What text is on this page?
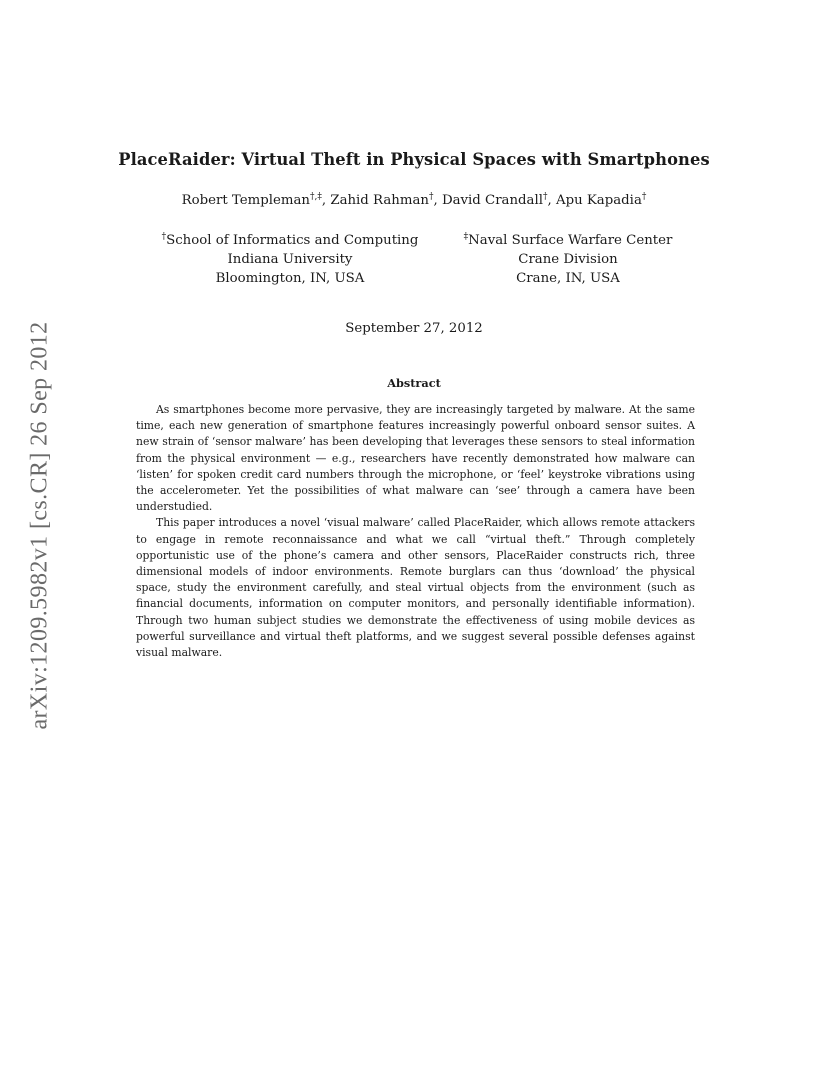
arXiv:1209.5982v1 [cs.CR] 26 Sep 2012
PlaceRaider: Virtual Theft in Physical Spaces with Smartphones
Robert Templeman†,‡, Zahid Rahman†, David Crandall†, Apu Kapadia†
†School of Informatics and Computing
Indiana University
Bloomington, IN, USA
‡Naval Surface Warfare Center
Crane Division
Crane, IN, USA
September 27, 2012
Abstract

As smartphones become more pervasive, they are increasingly targeted by malware. At the same time, each new generation of smartphone features increasingly powerful onboard sensor suites. A new strain of ‘sensor malware’ has been developing that leverages these sensors to steal information from the physical environment — e.g., researchers have recently demonstrated how malware can ‘listen’ for spoken credit card numbers through the microphone, or ‘feel’ keystroke vibrations using the accelerometer. Yet the possibilities of what malware can ‘see’ through a camera have been understudied.

This paper introduces a novel ‘visual malware’ called PlaceRaider, which allows remote attackers to engage in remote reconnaissance and what we call “virtual theft.” Through completely opportunistic use of the phone’s camera and other sensors, PlaceRaider constructs rich, three dimensional models of indoor environments. Remote burglars can thus ‘download’ the physical space, study the environment carefully, and steal virtual objects from the environment (such as financial documents, information on computer monitors, and personally identifiable information). Through two human subject studies we demonstrate the effectiveness of using mobile devices as powerful surveillance and virtual theft platforms, and we suggest several possible defenses against visual malware.
